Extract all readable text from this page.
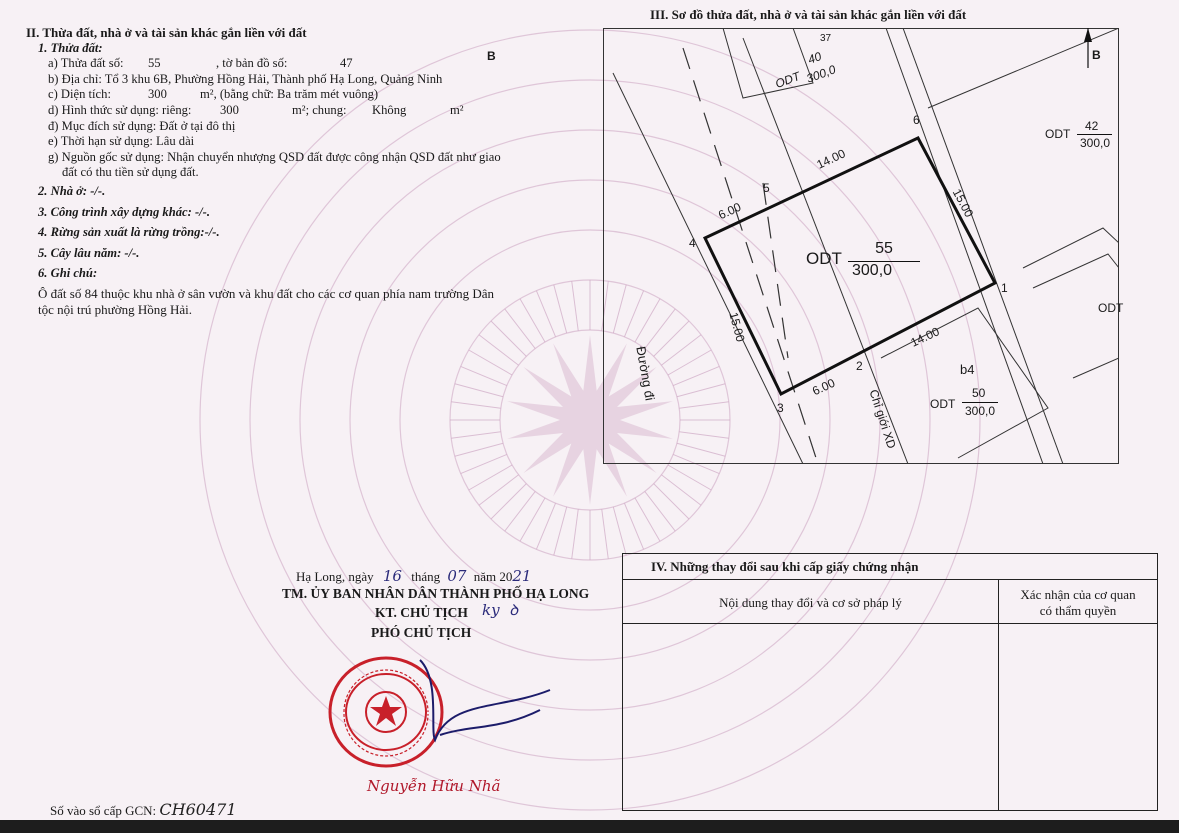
II. Thừa đất, nhà ở và tài sản khác gắn liền với đất
1. Thửa đất:
a) Thửa đất số: 55	, tờ bản đồ số:	47
b) Địa chỉ: Tổ 3 khu 6B, Phường Hồng Hải, Thành phố Hạ Long, Quảng Ninh
c) Diện tích:	300	m², (bằng chữ: Ba trăm mét vuông)
d) Hình thức sử dụng: riêng: 300	m²; chung: Không	m²
đ) Mục đích sử dụng: Đất ở tại đô thị
e) Thời hạn sử dụng: Lâu dài
g) Nguồn gốc sử dụng: Nhận chuyển nhượng QSD đất được công nhận QSD đất như giao
đất có thu tiền sử dụng đất.
2. Nhà ở: -/-.
3. Công trình xây dựng khác: -/-.
4. Rừng sản xuất là rừng trồng:-/-.
5. Cây lâu năm: -/-.
6. Ghi chú:
Ô đất số 84 thuộc khu nhà ở sân vườn và khu đất cho các cơ quan phía nam trường Dân
tộc nội trú phường Hồng Hải.
III. Sơ đồ thửa đất, nhà ở và tài sản khác gắn liền với đất
B	B
ODT
55
300,0
ODT
40
300,0
37
ODT
42
300,0
ODT
b4
ODT
50
300,0
14.00
15.00
14.00
15.00
6.00
6.00
1
2
3
4
5
6
Đường đi
Chỉ giới XD
Hạ Long, ngày 16 tháng 07 năm 2021
TM. ỦY BAN NHÂN DÂN THÀNH PHỐ HẠ LONG
KT. CHỦ TỊCH ky  ꝺ
PHÓ CHỦ TỊCH
Nguyễn Hữu Nhã
IV. Những thay đổi sau khi cấp giấy chứng nhận
Nội dung thay đổi và cơ sở pháp lý
Xác nhận của cơ quan
có thẩm quyền
Số vào sổ cấp GCN: CH60471
